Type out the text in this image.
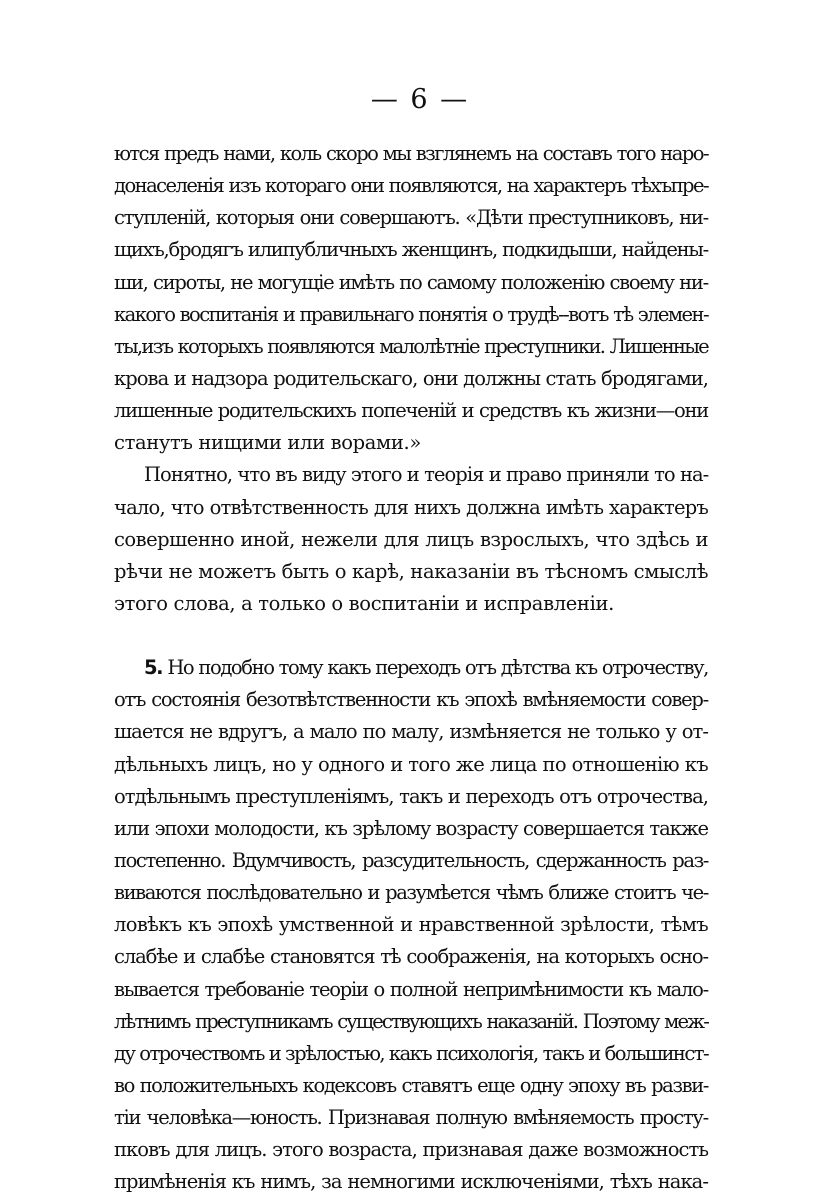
— 6 —
ются предъ нами, коль скоро мы взглянемъ на составъ того наро-
донаселенія изъ котораго они появляются, на характеръ тѣхъпре-
ступленій, которыя они совершаютъ. «Дѣти преступниковъ, ни-
щихъ,бродягъ илипубличныхъ женщинъ, подкидыши, найдены-
ши, сироты, не могущіе имѣть по самому положенію своему ни-
какого воспитанія и правильнаго понятія о трудѣ--вотъ тѣ элемен-
ты,изъ которыхъ появляются малолѣтніе преступники. Лишенные
крова и надзора родительскаго, они должны стать бродягами,
лишенные родительскихъ попеченій и средствъ къ жизни—они
станутъ нищими или ворами.»
Понятно, что въ виду этого и теорія и право приняли то на-
чало, что отвѣтственность для нихъ должна имѣть характеръ
совершенно иной, нежели для лицъ взрослыхъ, что здѣсь и
рѣчи не можетъ быть о карѣ, наказаніи въ тѣсномъ смыслѣ
этого слова, а только о воспитаніи и исправленіи.
5. Но подобно тому какъ переходъ отъ дѣтства къ отрочеству,
отъ состоянія безотвѣтственности къ эпохѣ вмѣняемости совер-
шается не вдругъ, а мало по малу, измѣняется не только у от-
дѣльныхъ лицъ, но у одного и того же лица по отношенію къ
отдѣльнымъ преступленіямъ, такъ и переходъ отъ отрочества,
или эпохи молодости, къ зрѣлому возрасту совершается также
постепенно. Вдумчивость, разсудительность, сдержанность раз-
виваются послѣдовательно и разумѣется чѣмъ ближе стоитъ че-
ловѣкъ къ эпохѣ умственной и нравственной зрѣлости, тѣмъ
слабѣе и слабѣе становятся тѣ соображенія, на которыхъ осно-
вывается требованіе теоріи о полной непримѣнимости къ мало-
лѣтнимъ преступникамъ существующихъ наказаній. Поэтому меж-
ду отрочествомъ и зрѣлостью, какъ психологія, такъ и большинст-
во положительныхъ кодексовъ ставятъ еще одну эпоху въ разви-
тіи человѣка—юность. Признавая полную вмѣняемость просту-
пковъ для лицъ. этого возраста, признавая даже возможность
примѣненія къ нимъ, за немногими исключеніями, тѣхъ нака-
